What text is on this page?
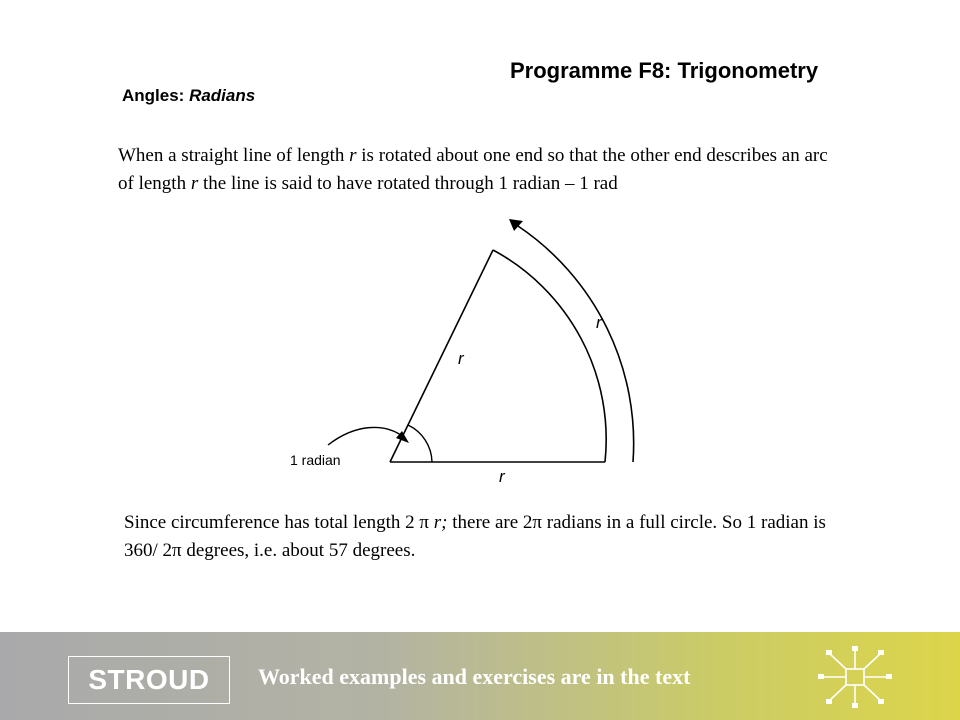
Programme F8: Trigonometry
Angles: Radians
When a straight line of length r is rotated about one end so that the other end describes an arc of length r the line is said to have rotated through 1 radian – 1 rad
r
r
r
1 radian
Since circumference has total length 2 π r; there are 2π radians in a full circle. So 1 radian is 360/ 2π degrees, i.e. about 57 degrees.
STROUD Worked examples and exercises are in the text
